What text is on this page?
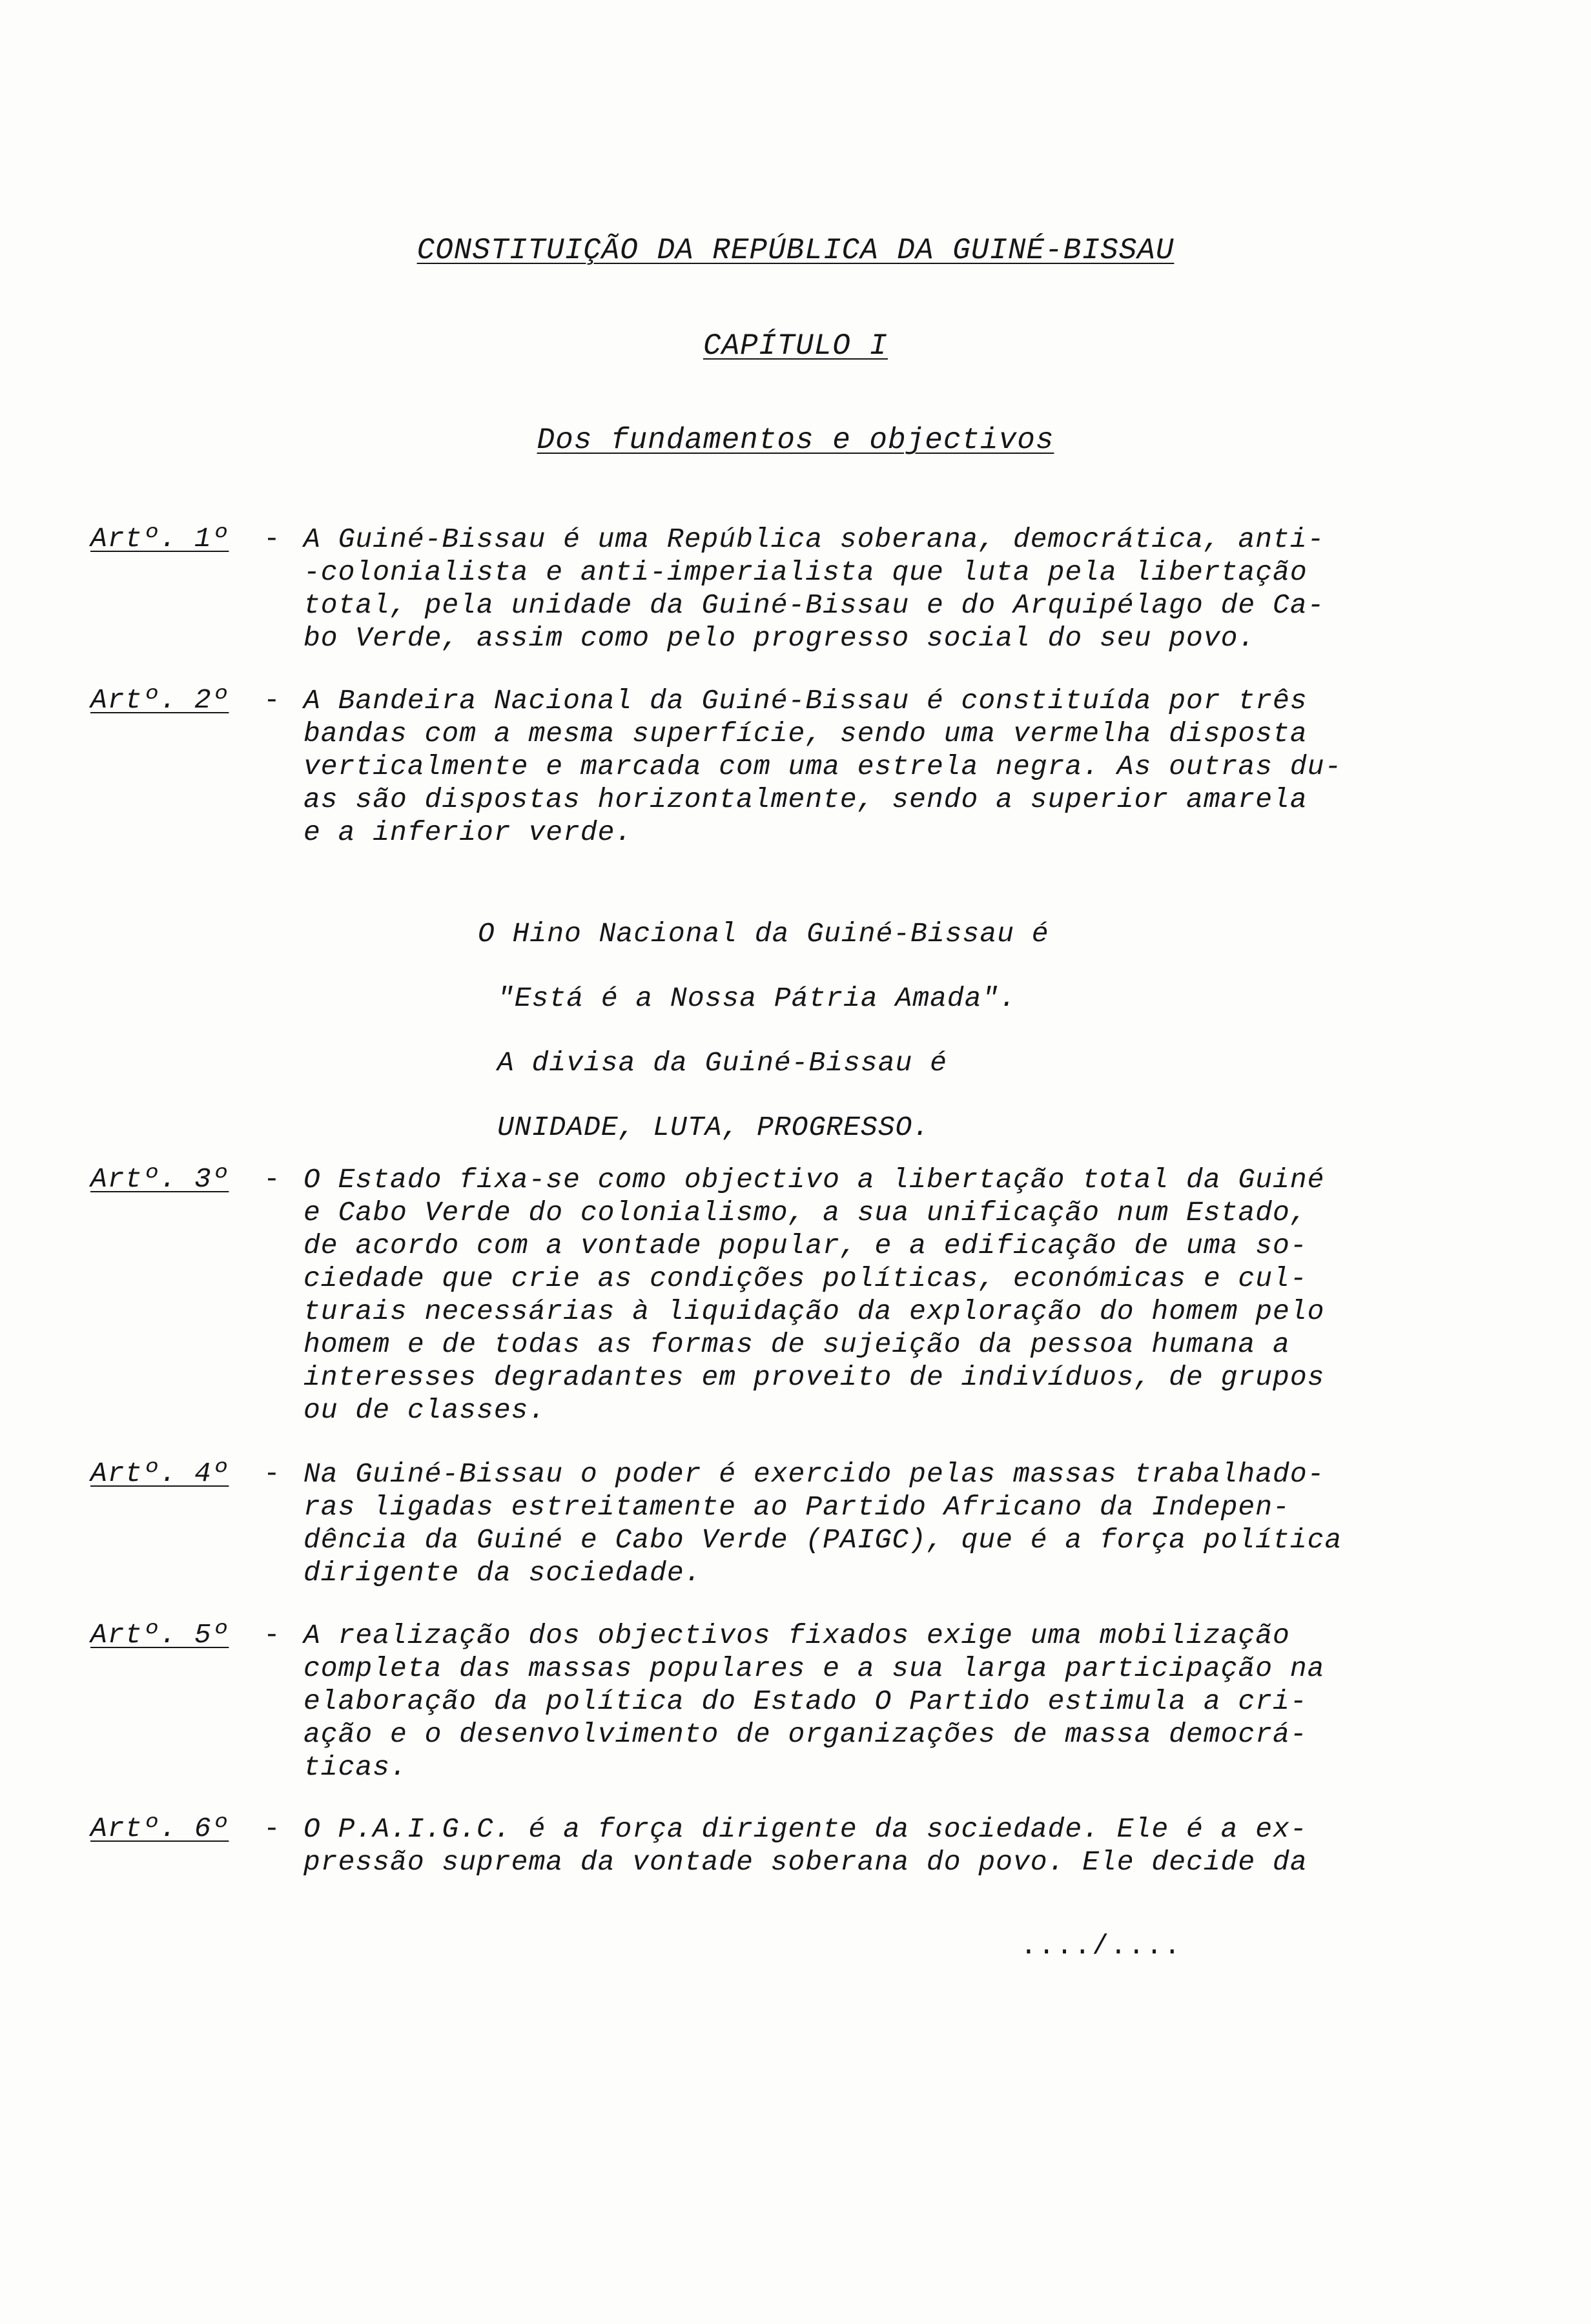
CONSTITUIÇÃO DA REPÚBLICA DA GUINÉ-BISSAU
CAPÍTULO I
Dos fundamentos e objectivos
Artº. 1º	- A Guiné-Bissau é uma República soberana, democrática, anti-
-colonialista e anti-imperialista que luta pela libertação
total, pela unidade da Guiné-Bissau e do Arquipélago de Ca-
bo Verde, assim como pelo progresso social do seu povo.
Artº. 2º	- A Bandeira Nacional da Guiné-Bissau é constituída por três
bandas com a mesma superfície, sendo uma vermelha disposta
verticalmente e marcada com uma estrela negra. As outras du-
as são dispostas horizontalmente, sendo a superior amarela
e a inferior verde.
O Hino Nacional da Guiné-Bissau é
"Está é a Nossa Pátria Amada".
A divisa da Guiné-Bissau é
UNIDADE, LUTA, PROGRESSO.
Artº. 3º	- O Estado fixa-se como objectivo a libertação total da Guiné
e Cabo Verde do colonialismo, a sua unificação num Estado,
de acordo com a vontade popular, e a edificação de uma so-
ciedade que crie as condições políticas, económicas e cul-
turais necessárias à liquidação da exploração do homem pelo
homem e de todas as formas de sujeição da pessoa humana a
interesses degradantes em proveito de indivíduos, de grupos
ou de classes.
Artº. 4º	- Na Guiné-Bissau o poder é exercido pelas massas trabalhado-
ras ligadas estreitamente ao Partido Africano da Indepen-
dência da Guiné e Cabo Verde (PAIGC), que é a força política
dirigente da sociedade.
Artº. 5º	- A realização dos objectivos fixados exige uma mobilização
completa das massas populares e a sua larga participação na
elaboração da política do Estado O Partido estimula a cri-
ação e o desenvolvimento de organizações de massa democrá-
ticas.
Artº. 6º	- O P.A.I.G.C. é a força dirigente da sociedade. Ele é a ex-
pressão suprema da vontade soberana do povo. Ele decide da
..../....
